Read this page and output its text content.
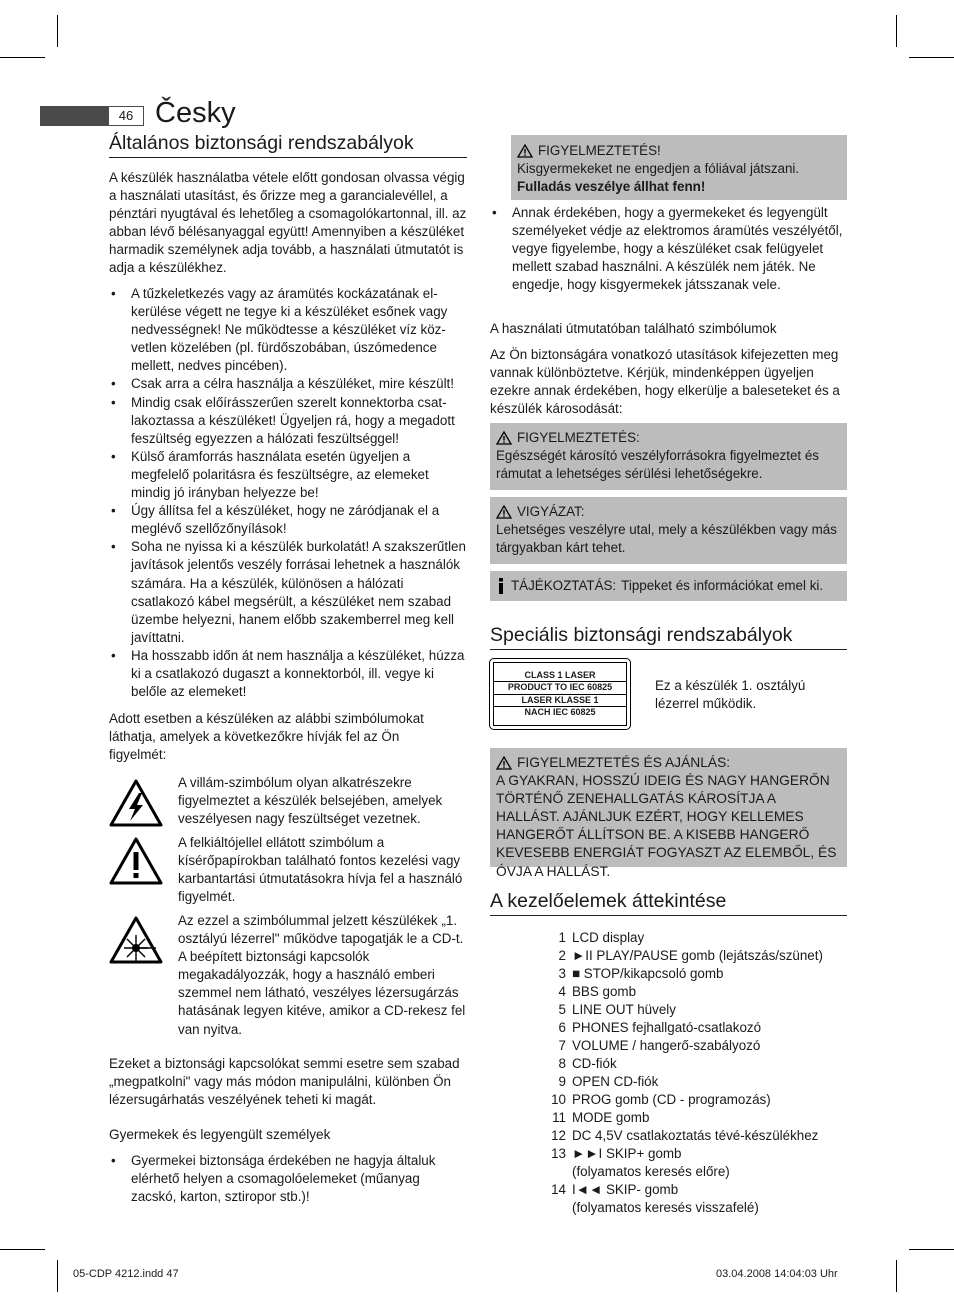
46 Česky
Általános biztonsági rendszabályok
A készülék használatba vétele előtt gondosan olvassa végig a használati utasítást, és őrizze meg a garancialevéllel, a pénztári nyugtával és lehetőleg a csomagolókartonnal, ill. az abban lévő bélésanyaggal együtt! Amennyiben a készüléket harmadik személynek adja tovább, a használati útmutatót is adja a készülékhez.
• A tűzkeletkezés vagy az áramütés kockázatának elkerülése végett ne tegye ki a készüléket esőnek vagy nedvességnek! Ne működtesse a készüléket víz közvetlen közelében (pl. fürdőszobában, úszómedence mellett, nedves pincében).
• Csak arra a célra használja a készüléket, mire készült!
• Mindig csak előírásszerűen szerelt konnektorba csatlakoztassa a készüléket! Ügyeljen rá, hogy a megadott feszültség egyezzen a hálózati feszültséggel!
• Külső áramforrás használata esetén ügyeljen a megfelelő polaritásra és feszültségre, az elemeket mindig jó irányban helyezze be!
• Úgy állítsa fel a készüléket, hogy ne záródjanak el a meglévő szellőzőnyílások!
• Soha ne nyissa ki a készülék burkolatát! A szakszerűtlen javítások jelentős veszély forrásai lehetnek a használók számára. Ha a készülék, különösen a hálózati csatlakozó kábel megsérült, a készüléket nem szabad üzembe helyezni, hanem előbb szakemberrel meg kell javíttatni.
• Ha hosszabb időn át nem használja a készüléket, húzza ki a csatlakozó dugaszt a konnektorból, ill. vegye ki belőle az elemeket!
Adott esetben a készüléken az alábbi szimbólumokat láthatja, amelyek a következőkre hívják fel az Ön figyelmét:
A villám-szimbólum olyan alkatrészekre figyelmeztet a készülék belsejében, amelyek veszélyesen nagy feszültséget vezetnek.
A felkiáltójellel ellátott szimbólum a kísérőpapírokban található fontos kezelési vagy karbantartási útmutatásokra hívja fel a használó figyelmét.
Az ezzel a szimbólummal jelzett készülékek „1. osztályú lézerrel" működve tapogatják le a CD-t. A beépített biztonsági kapcsolók megakadályozzák, hogy a használó emberi szemmel nem látható, veszélyes lézersugárzás hatásának legyen kitéve, amikor a CD-rekesz fel van nyitva.
Ezeket a biztonsági kapcsolókat semmi esetre sem szabad „megpatkolni" vagy más módon manipulálni, különben Ön lézersugárhatás veszélyének teheti ki magát.
Gyermekek és legyengült személyek
• Gyermekei biztonsága érdekében ne hagyja általuk elérhető helyen a csomagolóelemeket (műanyag zacskó, karton, sztiropor stb.)!
FIGYELMEZTETÉS!
Kisgyermekeket ne engedjen a fóliával játszani.
Fulladás veszélye állhat fenn!
• Annak érdekében, hogy a gyermekeket és legyengült személyeket védje az elektromos áramütés veszélyétől, vegye figyelembe, hogy a készüléket csak felügyelet mellett szabad használni. A készülék nem játék. Ne engedje, hogy kisgyermekek játsszanak vele.
A használati útmutatóban található szimbólumok
Az Ön biztonságára vonatkozó utasítások kifejezetten meg vannak különböztetve. Kérjük, mindenképpen ügyeljen ezekre annak érdekében, hogy elkerülje a baleseteket és a készülék károsodását:
FIGYELMEZTETÉS:
Egészségét károsító veszélyforrásokra figyelmeztet és rámutat a lehetséges sérülési lehetőségekre.
VIGYÁZAT:
Lehetséges veszélyre utal, mely a készülékben vagy más tárgyakban kárt tehet.
TÁJÉKOZTATÁS: Tippeket és információkat emel ki.
Speciális biztonsági rendszabályok
CLASS 1 LASER
PRODUCT TO IEC 60825
LASER KLASSE 1
NACH IEC 60825
Ez a készülék 1. osztályú lézerrel működik.
FIGYELMEZTETÉS ÉS AJÁNLÁS:
A GYAKRAN, HOSSZÚ IDEIG ÉS NAGY HANGERŐN TÖRTÉNŐ ZENEHALLGATÁS KÁROSÍTJA A HALLÁST. AJÁNLJUK EZÉRT, HOGY KELLEMES HANGERŐT ÁLLÍTSON BE. A KISEBB HANGERŐ KEVESEBB ENERGIÁT FOGYASZT AZ ELEMBŐL, ÉS ÓVJA A HALLÁST.
A kezelőelemek áttekintése
1 LCD display
2 ►II PLAY/PAUSE gomb (lejátszás/szünet)
3 ■ STOP/kikapcsoló gomb
4 BBS gomb
5 LINE OUT hüvely
6 PHONES fejhallgató-csatlakozó
7 VOLUME / hangerő-szabályozó
8 CD-fiók
9 OPEN CD-fiók
10 PROG gomb (CD - programozás)
11 MODE gomb
12 DC 4,5V csatlakoztatás tévé-készülékhez
13 ►►I SKIP+ gomb
(folyamatos keresés előre)
14 I◄◄ SKIP- gomb
(folyamatos keresés visszafelé)
05-CDP 4212.indd 47	03.04.2008 14:04:03 Uhr
